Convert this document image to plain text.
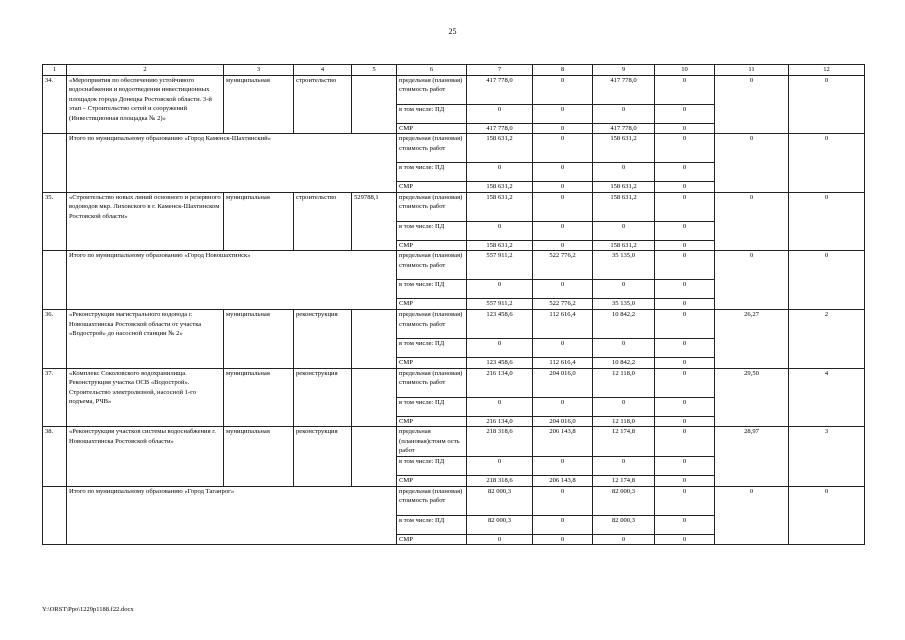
25
1	2	3	4	5	6	7	8	9	10	11	12
34.	«Мероприятия по обеспечению устойчивого водоснабжения и водоотведения инвестиционных площадок города Донецка Ростовской области. 3-й этап – Строительство сетей и сооружений (Инвестиционная площадка № 2)»	муниципальная	строительство		предельная (плановая) стоимость работ	417 778,0	0	417 778,0	0	0	0
					в том числе: ПД	0	0	0	0		
					СМР	417 778,0	0	417 778,0	0		
	Итого по муниципальному образованию «Город Каменск-Шахтинский»				предельная (плановая) стоимость работ	158 631,2	0	158 631,2	0	0	0
					в том числе: ПД	0	0	0	0		
					СМР	158 631,2	0	158 631,2	0		
35.	«Строительство новых линий основного и резервного водоводов мкр. Лиховского в г. Каменск-Шахтинском Ростовской области»	муниципальная	строительство	529788,1	предельная (плановая) стоимость работ	158 631,2	0	158 631,2	0	0	0
					в том числе: ПД	0	0	0	0		
					СМР	158 631,2	0	158 631,2	0		
	Итого по муниципальному образованию «Город Новошахтинск»				предельная (плановая) стоимость работ	557 911,2	522 776,2	35 135,0	0	0	0
					в том числе: ПД	0	0	0	0		
					СМР	557 911,2	522 776,2	35 135,0	0		
36.	«Реконструкция магистрального водовода г. Новошахтинска Ростовской области от участка «Водострой» до насосной станции № 2»	муниципальная	реконструкция		предельная (плановая) стоимость работ	123 458,6	112 616,4	10 842,2	0	26,27	2
					в том числе: ПД	0	0	0	0		
					СМР	123 458,6	112 616,4	10 842,2	0		
37.	«Комплекс Соколовского водохранилища. Реконструкция участка ОСВ «Водострой». Строительство электролизной, насосной 1-го подъема, РЧВ»	муниципальная	реконструкция		предельная (плановая) стоимость работ	216 134,0	204 016,0	12 118,0	0	29,50	4
					в том числе: ПД	0	0	0	0		
					СМР	216 134,0	204 016,0	12 118,0	0		
38.	«Реконструкция участков системы водоснабжения г. Новошахтинска Ростовской области»	муниципальная	реконструкция		предельная (плановая)стоим ость работ	218 318,6	206 143,8	12 174,8	0	28,97	3
					в том числе: ПД	0	0	0	0		
					СМР	218 318,6	206 143,8	12 174,8	0		
	Итого по муниципальному образованию «Город Таганрог»				предельная (плановая) стоимость работ	82 000,3	0	82 000,3	0	0	0
					в том числе: ПД	82 000,3	0	82 000,3	0		
					СМР	0	0	0	0		
Y:\ORST\Ppo\1229p1188.f22.docx
